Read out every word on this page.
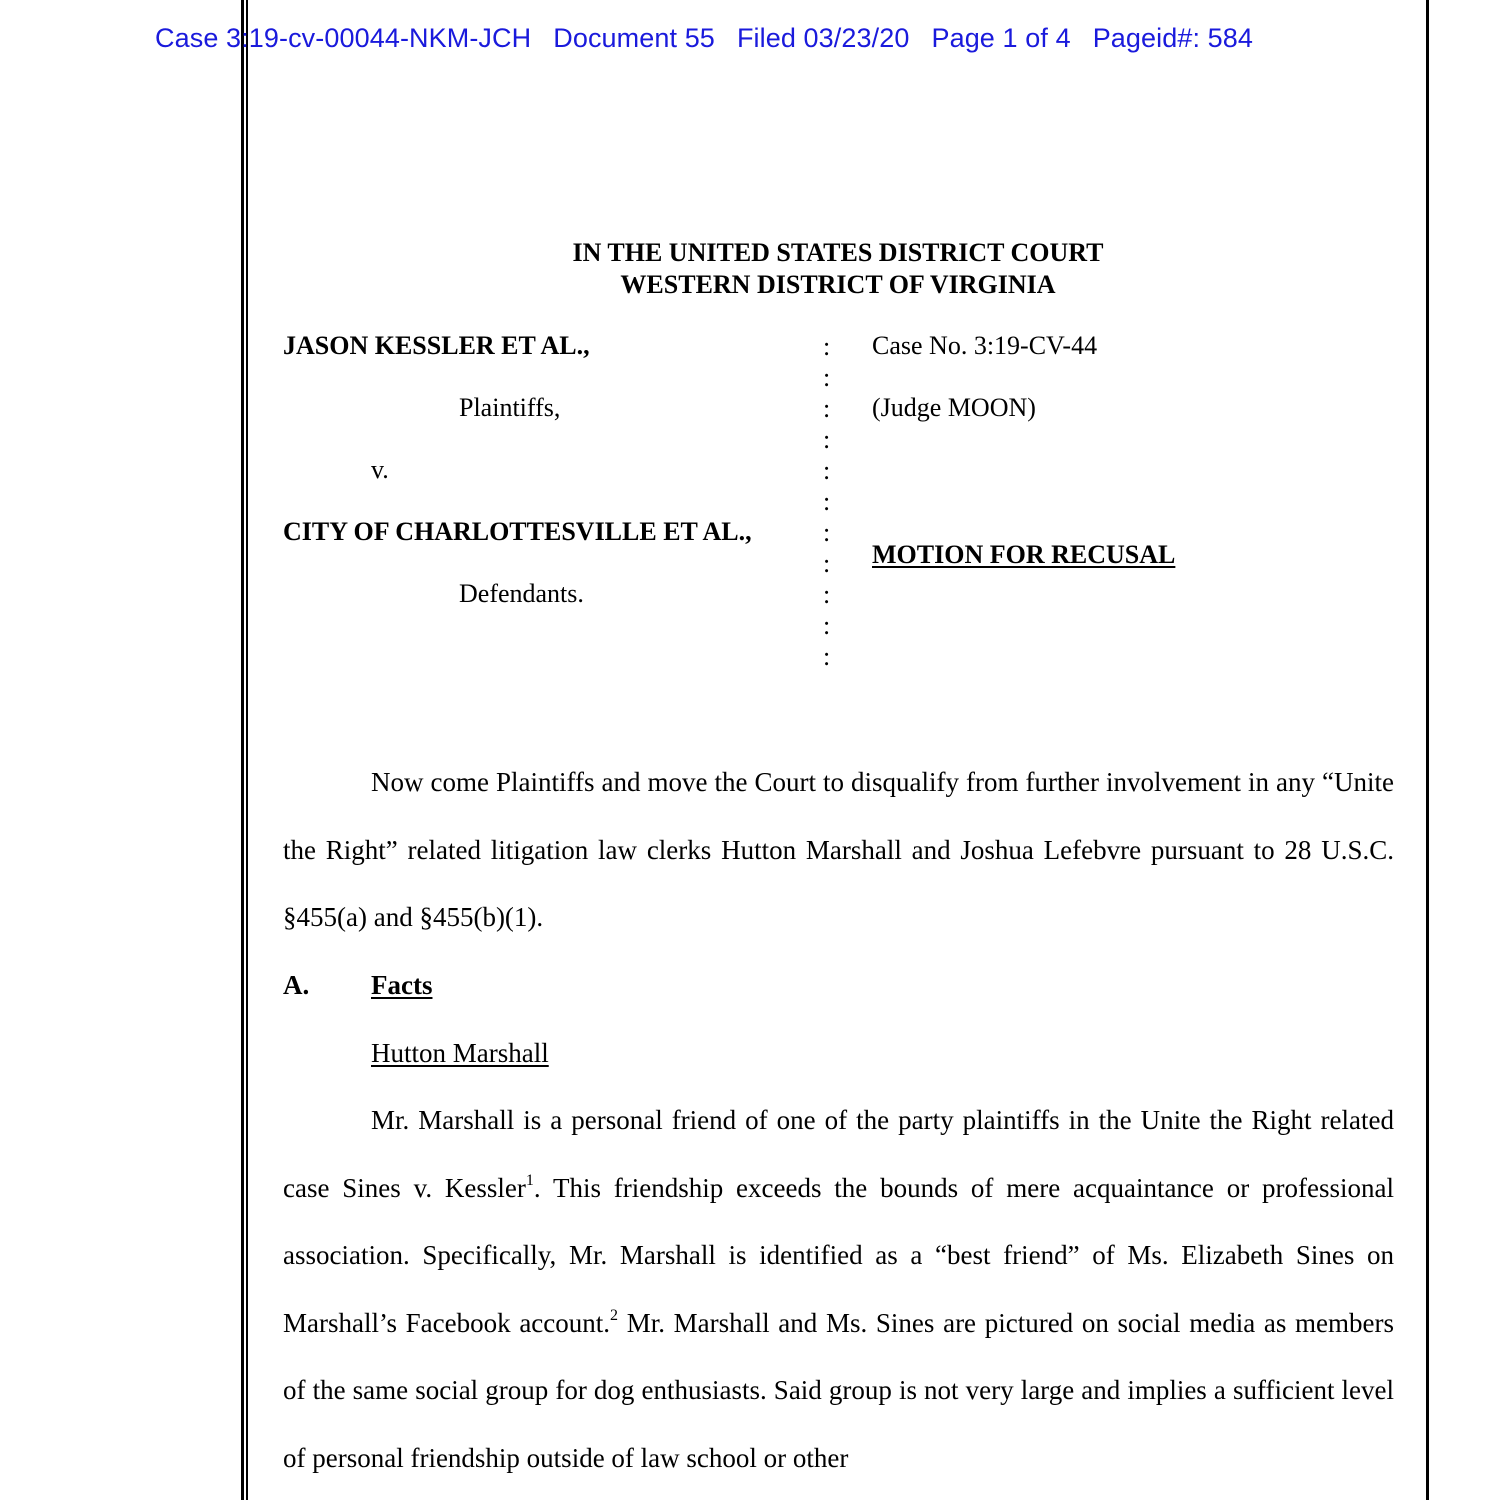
Case 3:19-cv-00044-NKM-JCH Document 55 Filed 03/23/20 Page 1 of 4 Pageid#: 584
IN THE UNITED STATES DISTRICT COURT
WESTERN DISTRICT OF VIRGINIA
JASON KESSLER ET AL.,
Plaintiffs,
v.
CITY OF CHARLOTTESVILLE ET AL.,
Defendants.
:
:
:
:
:
:
:
:
:
:
:
Case No. 3:19-CV-44
(Judge MOON)
MOTION FOR RECUSAL

Now come Plaintiffs and move the Court to disqualify from further involvement in any “Unite the Right” related litigation law clerks Hutton Marshall and Joshua Lefebvre pursuant to 28 U.S.C. §455(a) and §455(b)(1).

A. Facts
Hutton Marshall

Mr. Marshall is a personal friend of one of the party plaintiffs in the Unite the Right related case Sines v. Kessler$^1$. This friendship exceeds the bounds of mere acquaintance or professional association. Specifically, Mr. Marshall is identified as a “best friend” of Ms. Elizabeth Sines on Marshall’s Facebook account.$^2$ Mr. Marshall and Ms. Sines are pictured on social media as members of the same social group for dog enthusiasts. Said group is not very large and implies a sufficient level of personal friendship outside of law school or other
